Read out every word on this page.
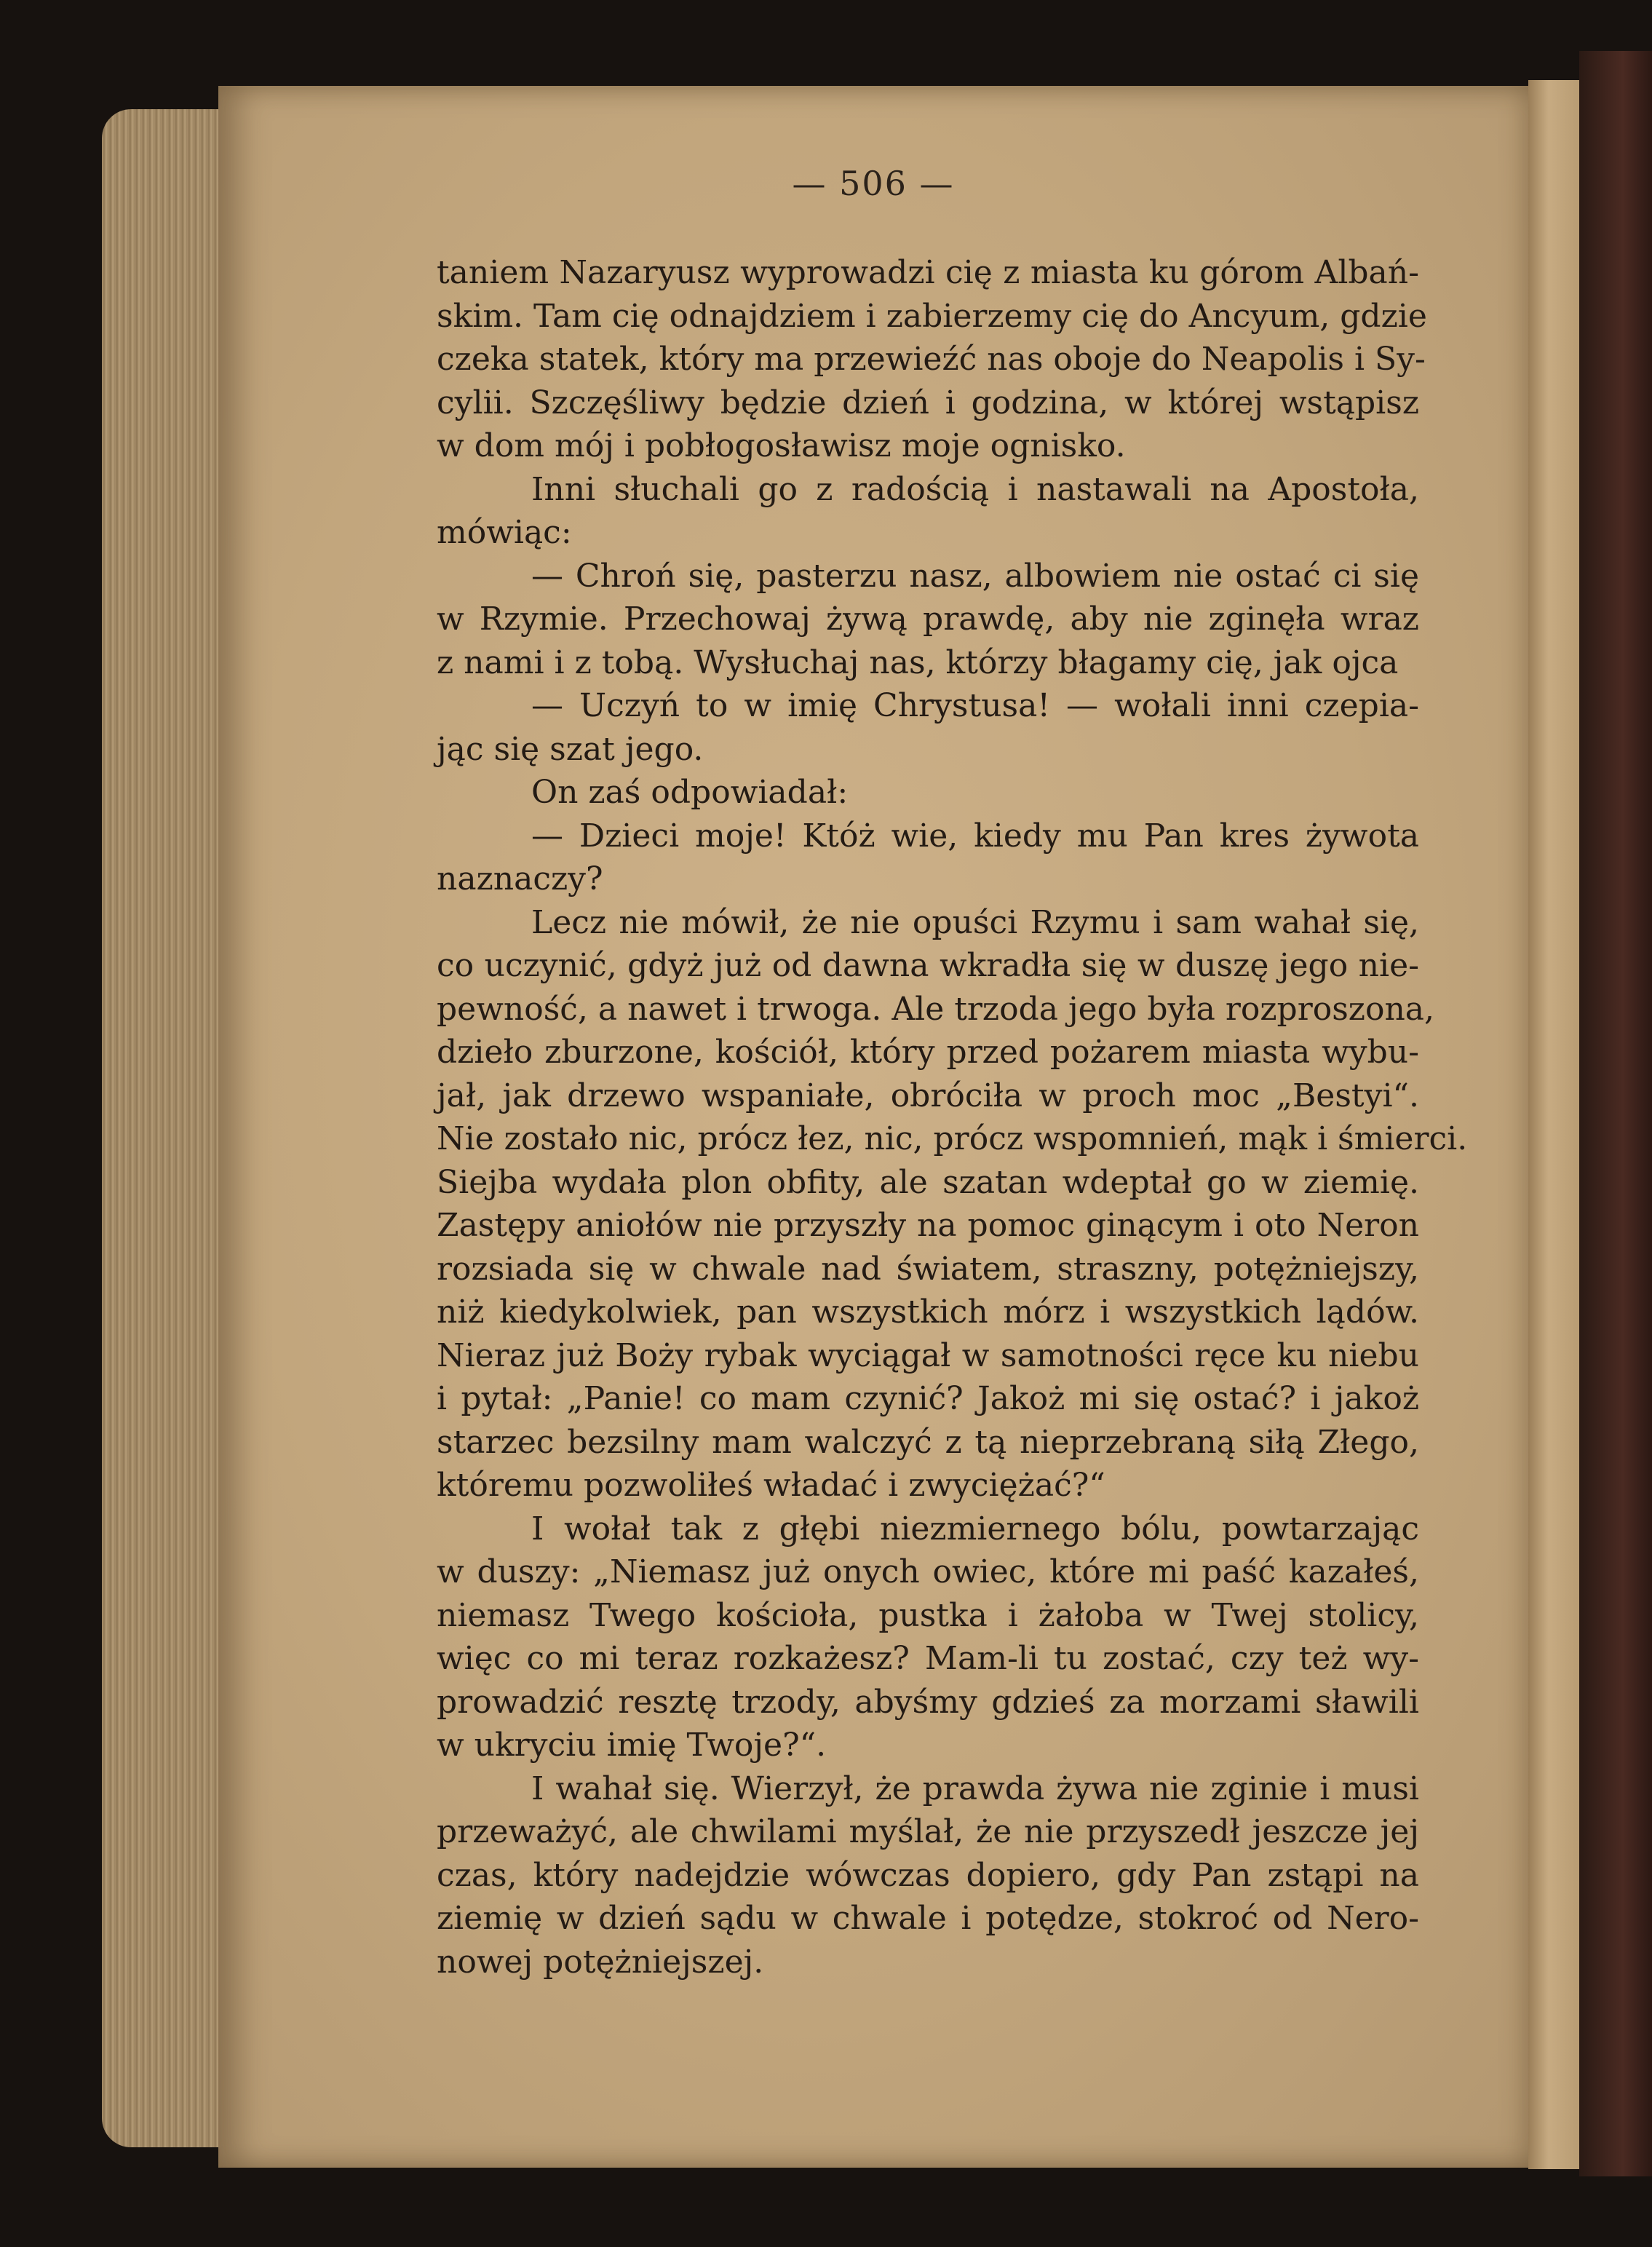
— 506 —
taniem Nazaryusz wyprowadzi cię z miasta ku górom Albań-
skim. Tam cię odnajdziem i zabierzemy cię do Ancyum, gdzie
czeka statek, który ma przewieźć nas oboje do Neapolis i Sy-
cylii. Szczęśliwy będzie dzień i godzina, w której wstąpisz
w dom mój i pobłogosławisz moje ognisko.
Inni słuchali go z radością i nastawali na Apostoła,
mówiąc:
— Chroń się, pasterzu nasz, albowiem nie ostać ci się
w Rzymie. Przechowaj żywą prawdę, aby nie zginęła wraz
z nami i z tobą. Wysłuchaj nas, którzy błagamy cię, jak ojca
— Uczyń to w imię Chrystusa! — wołali inni czepia-
jąc się szat jego.
On zaś odpowiadał:
— Dzieci moje! Któż wie, kiedy mu Pan kres żywota
naznaczy?
Lecz nie mówił, że nie opuści Rzymu i sam wahał się,
co uczynić, gdyż już od dawna wkradła się w duszę jego nie-
pewność, a nawet i trwoga. Ale trzoda jego była rozproszona,
dzieło zburzone, kościół, który przed pożarem miasta wybu-
jał, jak drzewo wspaniałe, obróciła w proch moc „Bestyi“.
Nie zostało nic, prócz łez, nic, prócz wspomnień, mąk i śmierci.
Siejba wydała plon obfity, ale szatan wdeptał go w ziemię.
Zastępy aniołów nie przyszły na pomoc ginącym i oto Neron
rozsiada się w chwale nad światem, straszny, potężniejszy,
niż kiedykolwiek, pan wszystkich mórz i wszystkich lądów.
Nieraz już Boży rybak wyciągał w samotności ręce ku niebu
i pytał: „Panie! co mam czynić? Jakoż mi się ostać? i jakoż
starzec bezsilny mam walczyć z tą nieprzebraną siłą Złego,
któremu pozwoliłeś władać i zwyciężać?“
I wołał tak z głębi niezmiernego bólu, powtarzając
w duszy: „Niemasz już onych owiec, które mi paść kazałeś,
niemasz Twego kościoła, pustka i żałoba w Twej stolicy,
więc co mi teraz rozkażesz? Mam-li tu zostać, czy też wy-
prowadzić resztę trzody, abyśmy gdzieś za morzami sławili
w ukryciu imię Twoje?“.
I wahał się. Wierzył, że prawda żywa nie zginie i musi
przeważyć, ale chwilami myślał, że nie przyszedł jeszcze jej
czas, który nadejdzie wówczas dopiero, gdy Pan zstąpi na
ziemię w dzień sądu w chwale i potędze, stokroć od Nero-
nowej potężniejszej.
